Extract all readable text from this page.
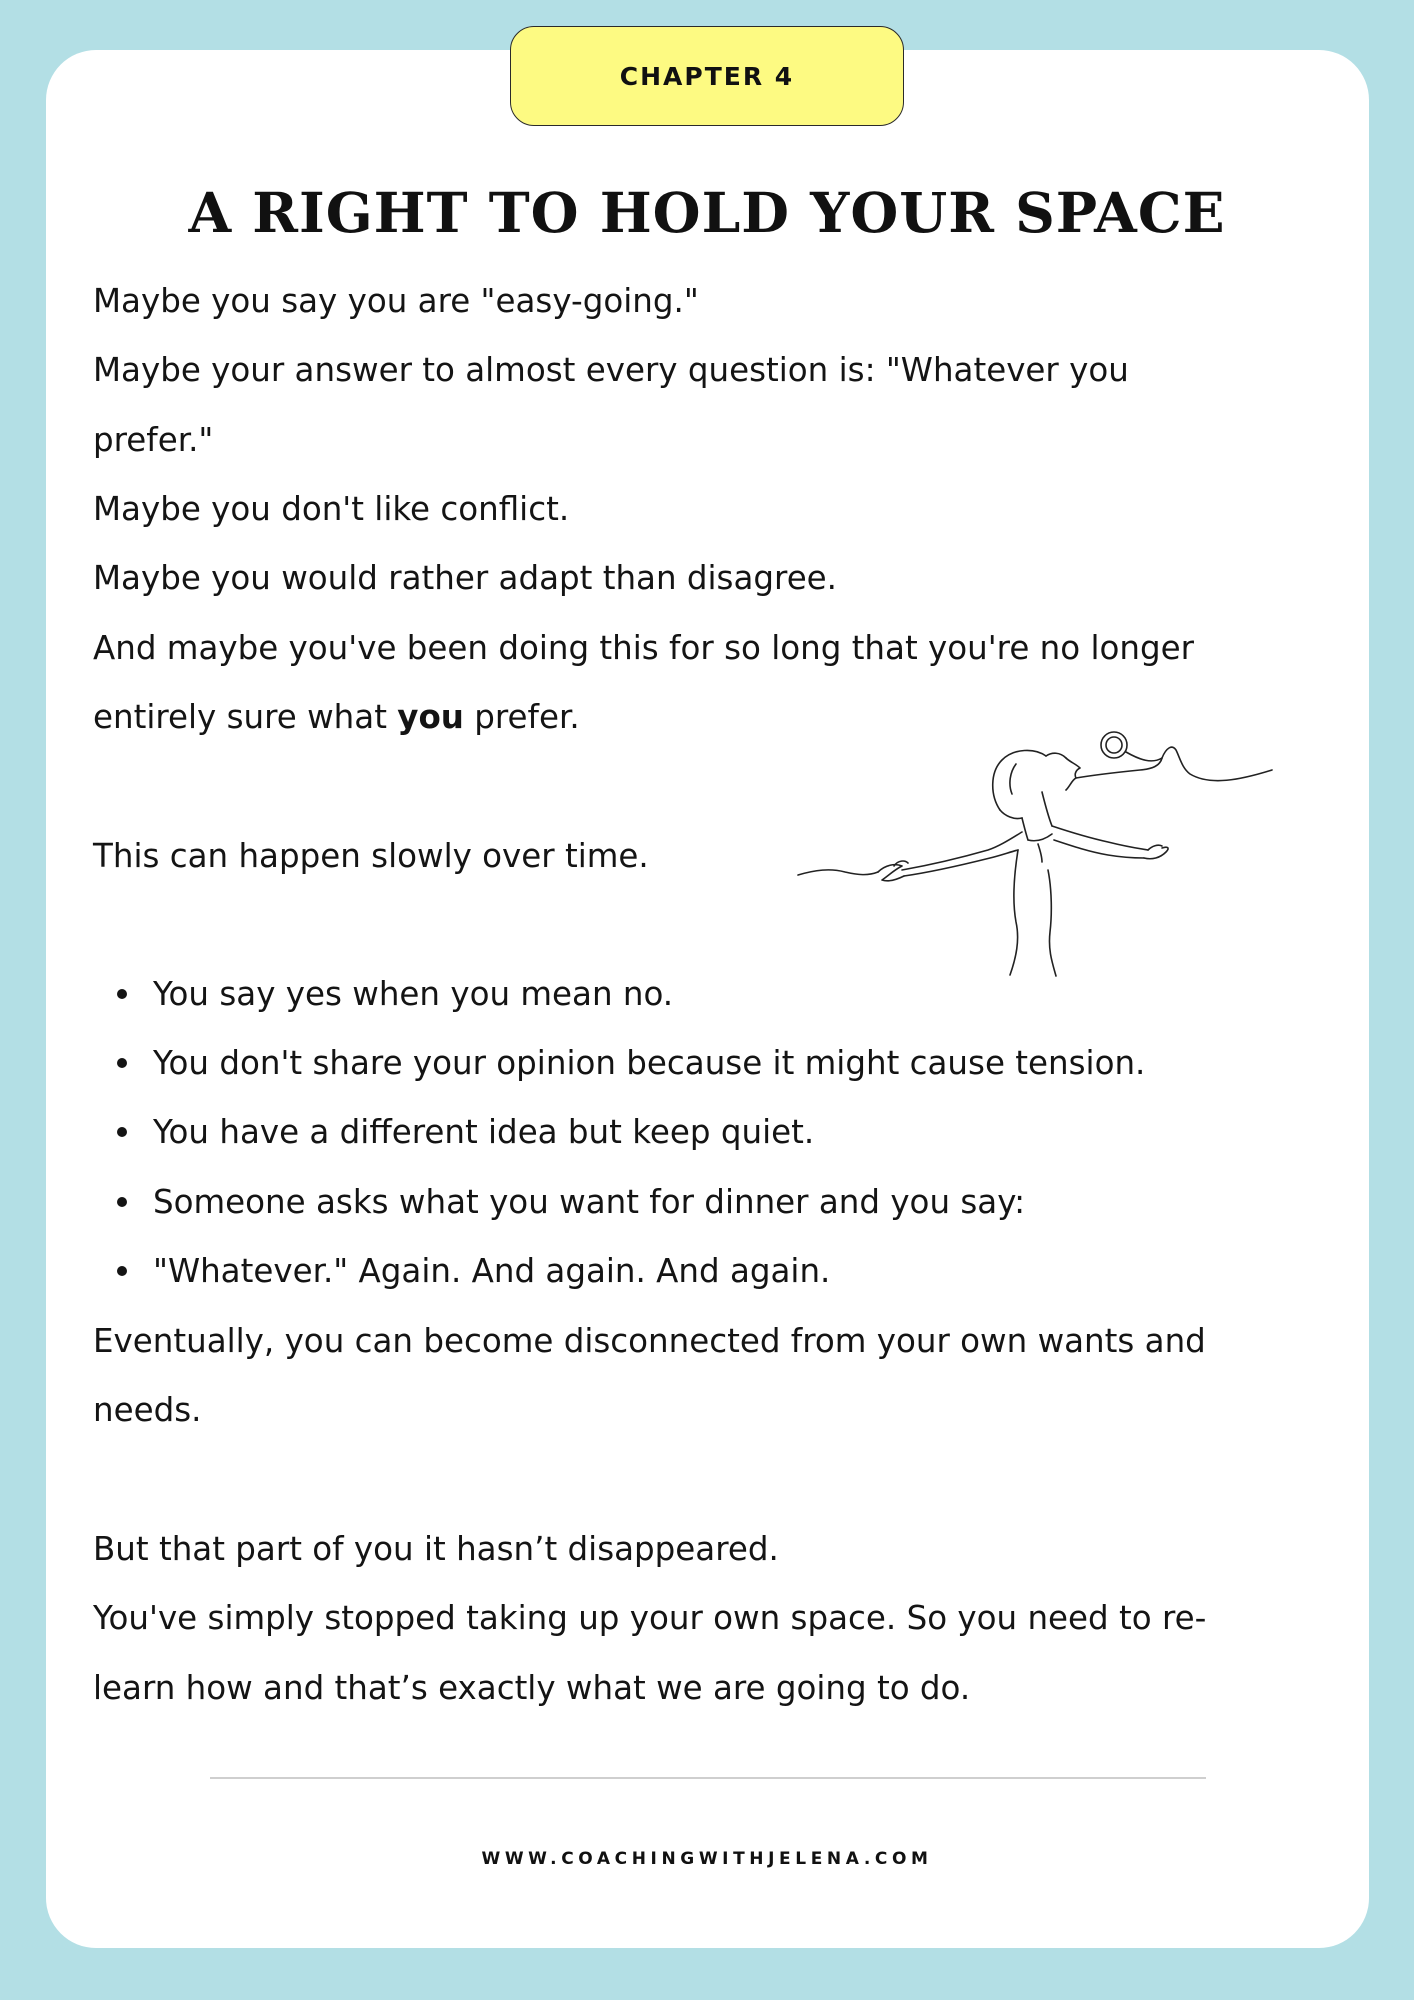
CHAPTER 4
A RIGHT TO HOLD YOUR SPACE
Maybe you say you are "easy-going."
Maybe your answer to almost every question is: "Whatever you
prefer."
Maybe you don't like conflict.
Maybe you would rather adapt than disagree.
And maybe you've been doing this for so long that you're no longer
entirely sure what you prefer.
This can happen slowly over time.
You say yes when you mean no.
You don't share your opinion because it might cause tension.
You have a different idea but keep quiet.
Someone asks what you want for dinner and you say:
"Whatever." Again. And again. And again.
Eventually, you can become disconnected from your own wants and
needs.
But that part of you it hasn’t disappeared.
You've simply stopped taking up your own space. So you need to re-
learn how and that’s exactly what we are going to do.
WWW.COACHINGWITHJELENA.COM
